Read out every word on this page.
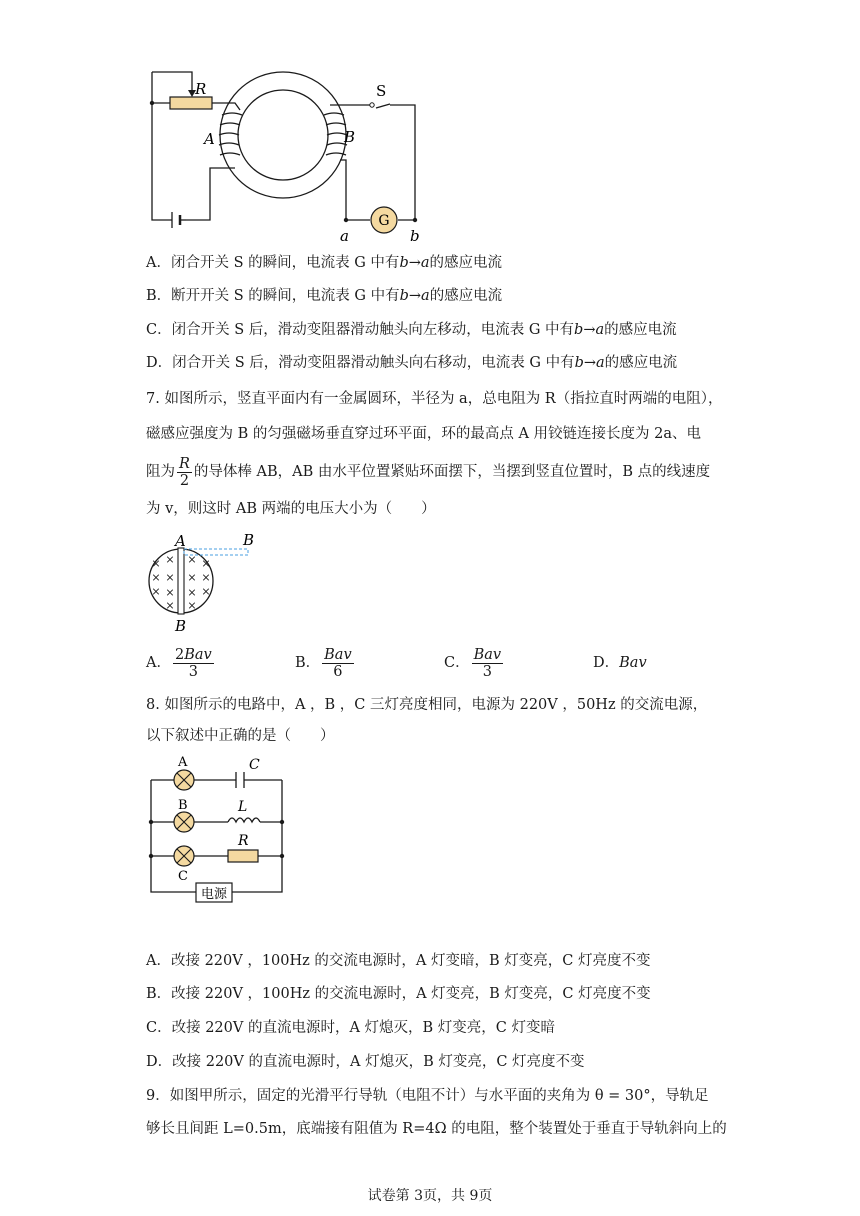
G
R	S
A	B
a	b
A．闭合开关 S 的瞬间，电流表 G 中有b→a的感应电流
B．断开开关 S 的瞬间，电流表 G 中有b→a的感应电流
C．闭合开关 S 后，滑动变阻器滑动触头向左移动，电流表 G 中有b→a的感应电流
D．闭合开关 S 后，滑动变阻器滑动触头向右移动，电流表 G 中有b→a的感应电流
7. 如图所示，竖直平面内有一金属圆环，半径为 a，总电阻为 R（指拉直时两端的电阻），
磁感应强度为 B 的匀强磁场垂直穿过环平面，环的最高点 A 用铰链连接长度为 2a、电
阻为 $\frac{R}{2}$ 的导体棒 AB，AB 由水平位置紧贴环面摆下，当摆到竖直位置时，B 点的线速度
为 v，则这时 AB 两端的电压大小为（　　）
× × × ×
× × × ×
× × × ×
× ×
A	B
B
A． $\frac{\text{2Bav}}{3}$	B． $\frac{\text{Bav}}{6}$	C． $\frac{\text{Bav}}{3}$	D．Bav
8. 如图所示的电路中，A ，B ，C 三灯亮度相同，电源为 220V ，50Hz 的交流电源，
以下叙述中正确的是（　　）
电源
A
B
C
C
L
R
A．改接 220V ，100Hz 的交流电源时，A 灯变暗，B 灯变亮，C 灯亮度不变
B．改接 220V ，100Hz 的交流电源时，A 灯变亮，B 灯变亮，C 灯亮度不变
C．改接 220V 的直流电源时，A 灯熄灭，B 灯变亮，C 灯变暗
D．改接 220V 的直流电源时，A 灯熄灭，B 灯变亮，C 灯亮度不变
9．如图甲所示，固定的光滑平行导轨（电阻不计）与水平面的夹角为 θ = 30°，导轨足
够长且间距 L=0.5m，底端接有阻值为 R=4Ω 的电阻，整个装置处于垂直于导轨斜向上的
试卷第 3页，共 9页
